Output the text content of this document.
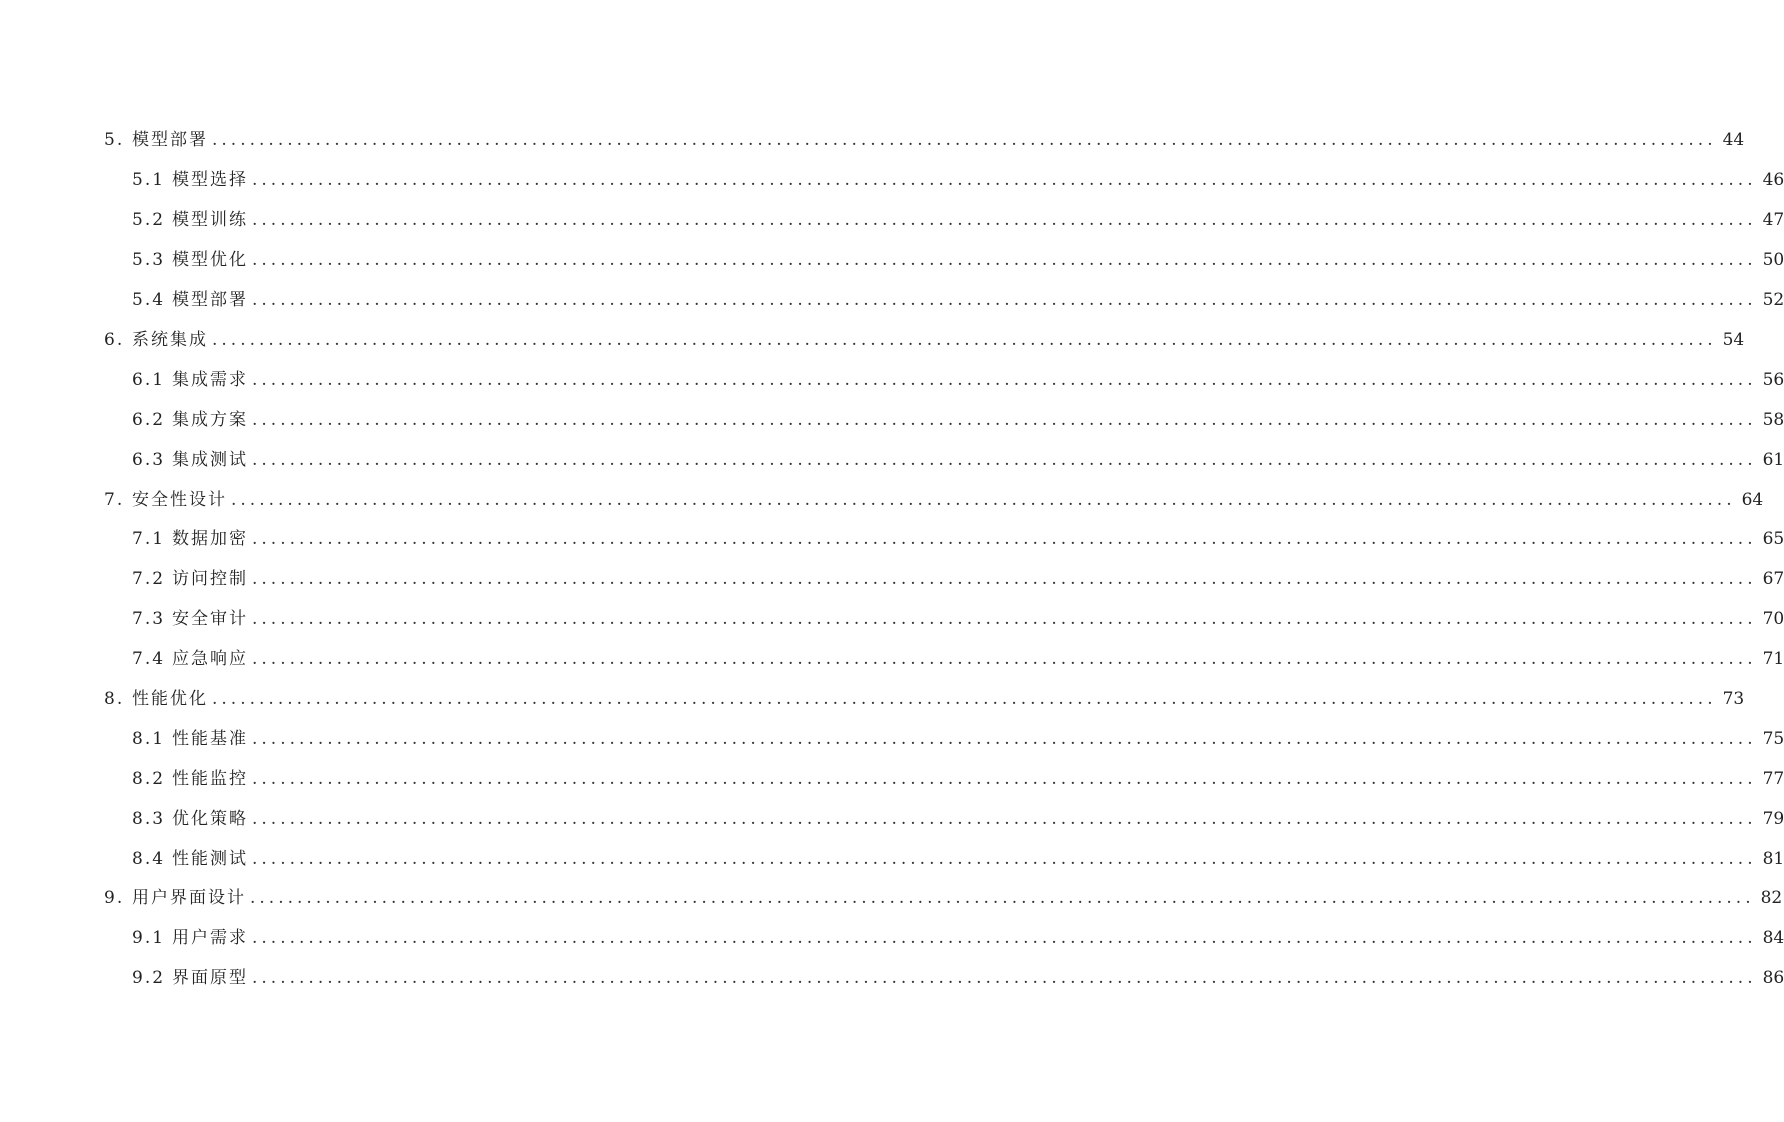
5. 模型部署 ................................................................................................................................................................ 44
5.1 模型选择 ................................................................................................................................................................ 46
5.2 模型训练 ................................................................................................................................................................ 47
5.3 模型优化 ................................................................................................................................................................ 50
5.4 模型部署 ................................................................................................................................................................ 52
6. 系统集成 ................................................................................................................................................................ 54
6.1 集成需求 ................................................................................................................................................................ 56
6.2 集成方案 ................................................................................................................................................................ 58
6.3 集成测试 ................................................................................................................................................................ 61
7. 安全性设计 ................................................................................................................................................................ 64
7.1 数据加密 ................................................................................................................................................................ 65
7.2 访问控制 ................................................................................................................................................................ 67
7.3 安全审计 ................................................................................................................................................................ 70
7.4 应急响应 ................................................................................................................................................................ 71
8. 性能优化 ................................................................................................................................................................ 73
8.1 性能基准 ................................................................................................................................................................ 75
8.2 性能监控 ................................................................................................................................................................ 77
8.3 优化策略 ................................................................................................................................................................ 79
8.4 性能测试 ................................................................................................................................................................ 81
9. 用户界面设计 ................................................................................................................................................................ 82
9.1 用户需求 ................................................................................................................................................................ 84
9.2 界面原型 ................................................................................................................................................................ 86
